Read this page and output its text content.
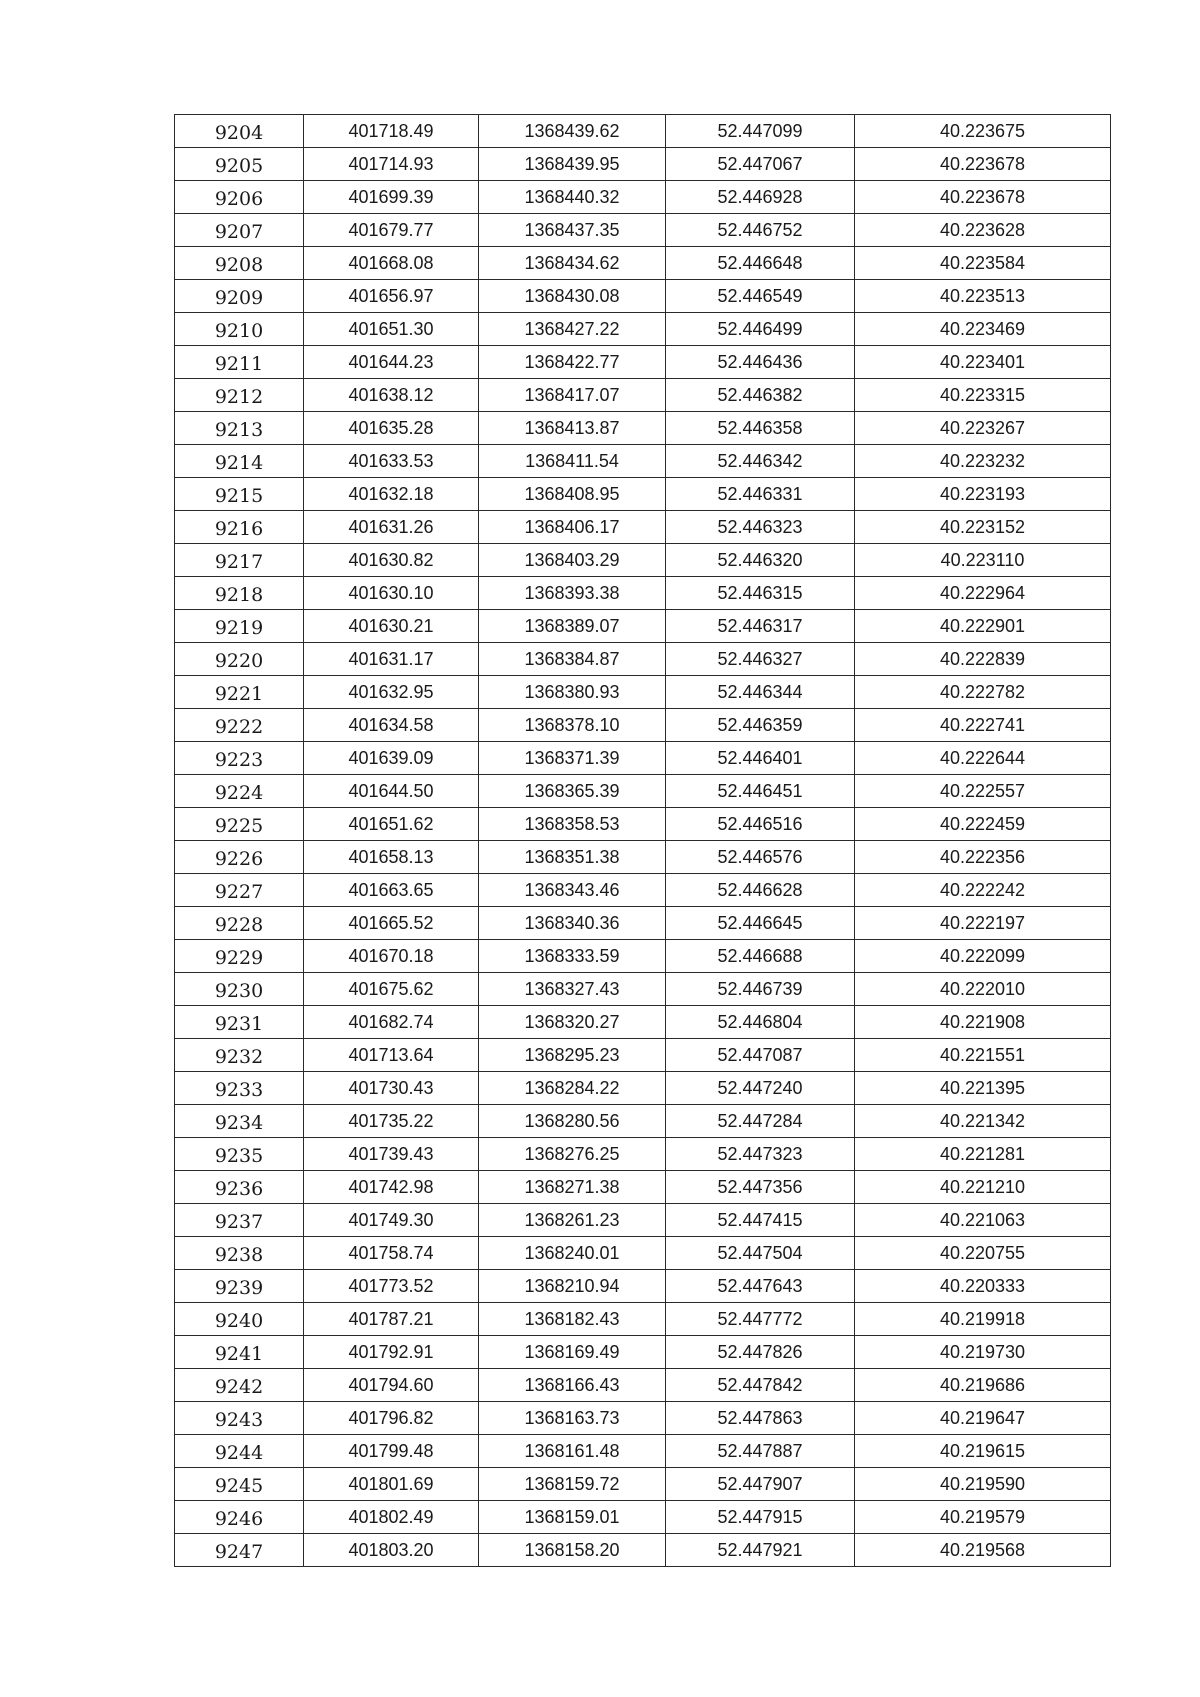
9204	401718.49	1368439.62	52.447099	40.223675
9205	401714.93	1368439.95	52.447067	40.223678
9206	401699.39	1368440.32	52.446928	40.223678
9207	401679.77	1368437.35	52.446752	40.223628
9208	401668.08	1368434.62	52.446648	40.223584
9209	401656.97	1368430.08	52.446549	40.223513
9210	401651.30	1368427.22	52.446499	40.223469
9211	401644.23	1368422.77	52.446436	40.223401
9212	401638.12	1368417.07	52.446382	40.223315
9213	401635.28	1368413.87	52.446358	40.223267
9214	401633.53	1368411.54	52.446342	40.223232
9215	401632.18	1368408.95	52.446331	40.223193
9216	401631.26	1368406.17	52.446323	40.223152
9217	401630.82	1368403.29	52.446320	40.223110
9218	401630.10	1368393.38	52.446315	40.222964
9219	401630.21	1368389.07	52.446317	40.222901
9220	401631.17	1368384.87	52.446327	40.222839
9221	401632.95	1368380.93	52.446344	40.222782
9222	401634.58	1368378.10	52.446359	40.222741
9223	401639.09	1368371.39	52.446401	40.222644
9224	401644.50	1368365.39	52.446451	40.222557
9225	401651.62	1368358.53	52.446516	40.222459
9226	401658.13	1368351.38	52.446576	40.222356
9227	401663.65	1368343.46	52.446628	40.222242
9228	401665.52	1368340.36	52.446645	40.222197
9229	401670.18	1368333.59	52.446688	40.222099
9230	401675.62	1368327.43	52.446739	40.222010
9231	401682.74	1368320.27	52.446804	40.221908
9232	401713.64	1368295.23	52.447087	40.221551
9233	401730.43	1368284.22	52.447240	40.221395
9234	401735.22	1368280.56	52.447284	40.221342
9235	401739.43	1368276.25	52.447323	40.221281
9236	401742.98	1368271.38	52.447356	40.221210
9237	401749.30	1368261.23	52.447415	40.221063
9238	401758.74	1368240.01	52.447504	40.220755
9239	401773.52	1368210.94	52.447643	40.220333
9240	401787.21	1368182.43	52.447772	40.219918
9241	401792.91	1368169.49	52.447826	40.219730
9242	401794.60	1368166.43	52.447842	40.219686
9243	401796.82	1368163.73	52.447863	40.219647
9244	401799.48	1368161.48	52.447887	40.219615
9245	401801.69	1368159.72	52.447907	40.219590
9246	401802.49	1368159.01	52.447915	40.219579
9247	401803.20	1368158.20	52.447921	40.219568
